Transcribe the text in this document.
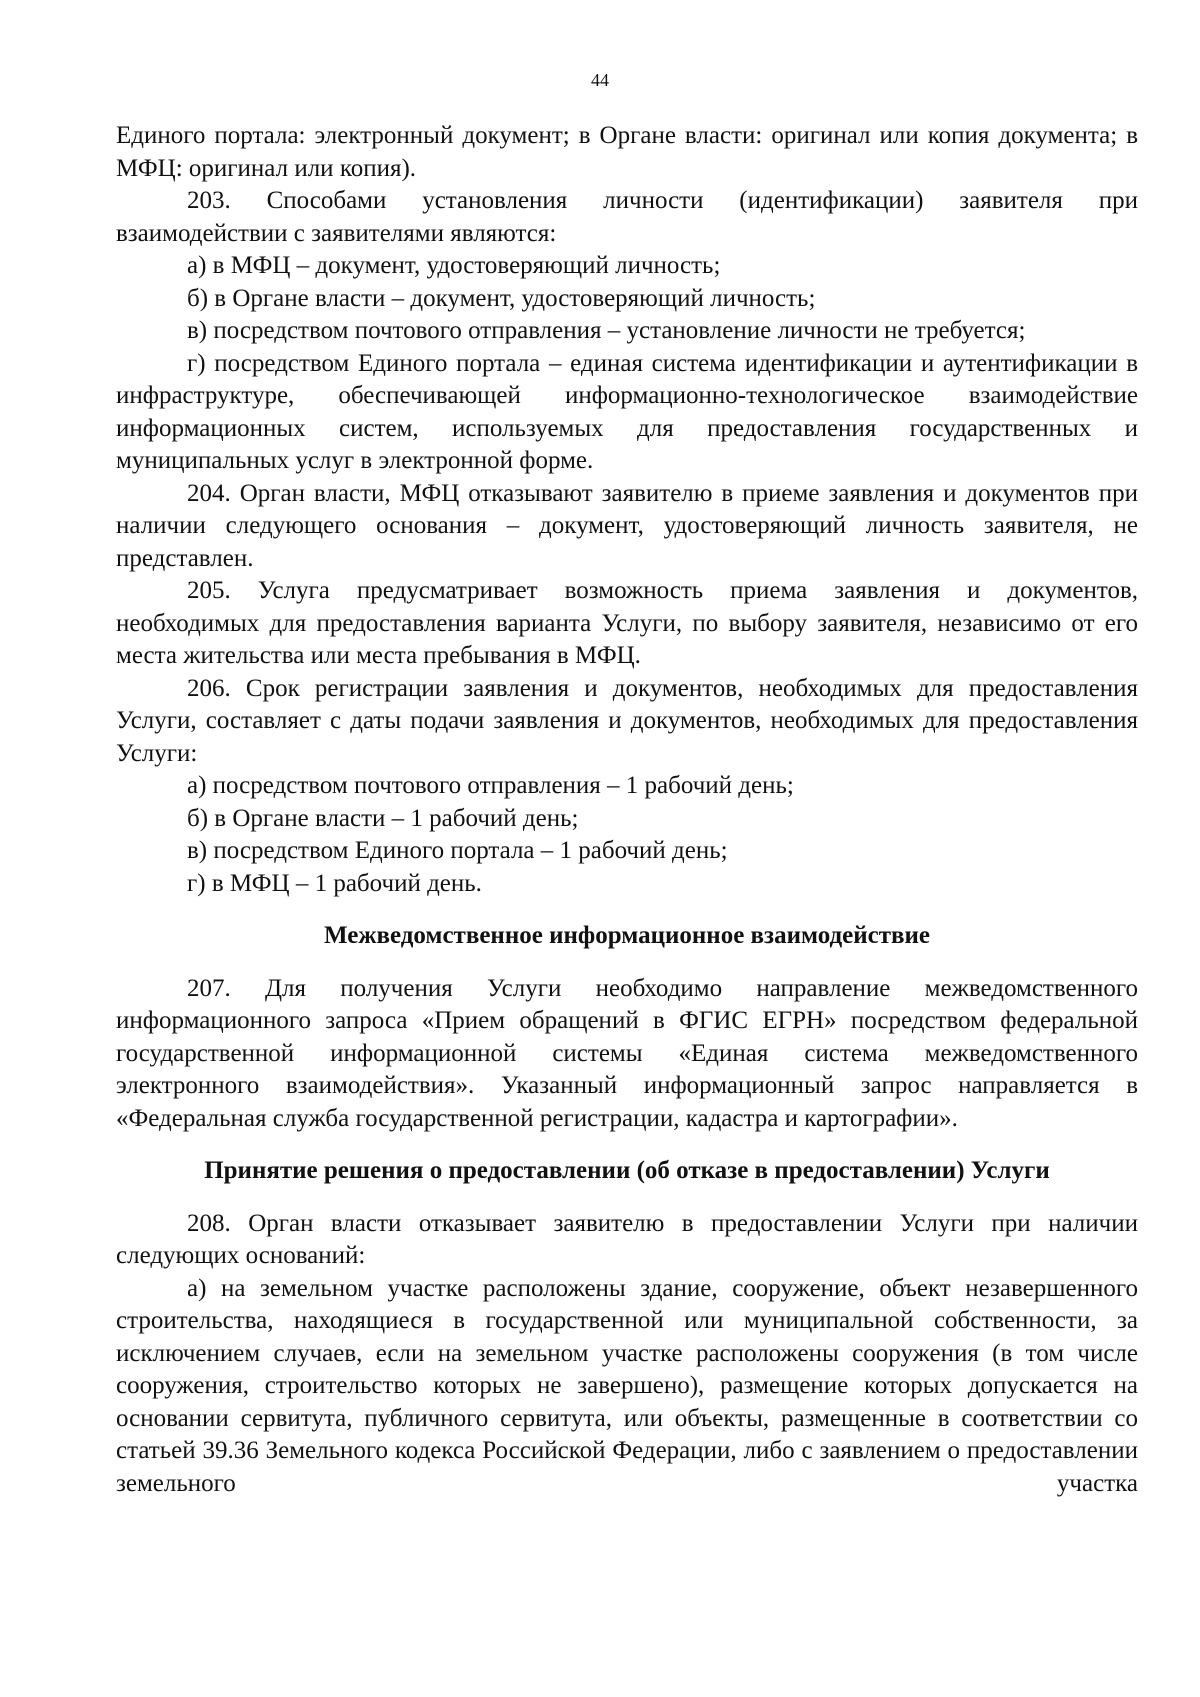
44

Единого портала: электронный документ; в Органе власти: оригинал или копия документа; в МФЦ: оригинал или копия).

203. Способами установления личности (идентификации) заявителя при взаимодействии с заявителями являются:

а) в МФЦ – документ, удостоверяющий личность;

б) в Органе власти – документ, удостоверяющий личность;

в) посредством почтового отправления – установление личности не требуется;

г) посредством Единого портала – единая система идентификации и аутентификации в инфраструктуре, обеспечивающей информационно-технологическое взаимодействие информационных систем, используемых для предоставления государственных и муниципальных услуг в электронной форме.

204. Орган власти, МФЦ отказывают заявителю в приеме заявления и документов при наличии следующего основания – документ, удостоверяющий личность заявителя, не представлен.

205. Услуга предусматривает возможность приема заявления и документов, необходимых для предоставления варианта Услуги, по выбору заявителя, независимо от его места жительства или места пребывания в МФЦ.

206. Срок регистрации заявления и документов, необходимых для предоставления Услуги, составляет с даты подачи заявления и документов, необходимых для предоставления Услуги:

а) посредством почтового отправления – 1 рабочий день;

б) в Органе власти – 1 рабочий день;

в) посредством Единого портала – 1 рабочий день;

г) в МФЦ – 1 рабочий день.

Межведомственное информационное взаимодействие

207. Для получения Услуги необходимо направление межведомственного информационного запроса «Прием обращений в ФГИС ЕГРН» посредством федеральной государственной информационной системы «Единая система межведомственного электронного взаимодействия». Указанный информационный запрос направляется в «Федеральная служба государственной регистрации, кадастра и картографии».

Принятие решения о предоставлении (об отказе в предоставлении) Услуги

208. Орган власти отказывает заявителю в предоставлении Услуги при наличии следующих оснований:

а) на земельном участке расположены здание, сооружение, объект незавершенного строительства, находящиеся в государственной или муниципальной собственности, за исключением случаев, если на земельном участке расположены сооружения (в том числе сооружения, строительство которых не завершено), размещение которых допускается на основании сервитута, публичного сервитута, или объекты, размещенные в соответствии со статьей 39.36 Земельного кодекса Российской Федерации, либо с заявлением о предоставлении земельного участка
